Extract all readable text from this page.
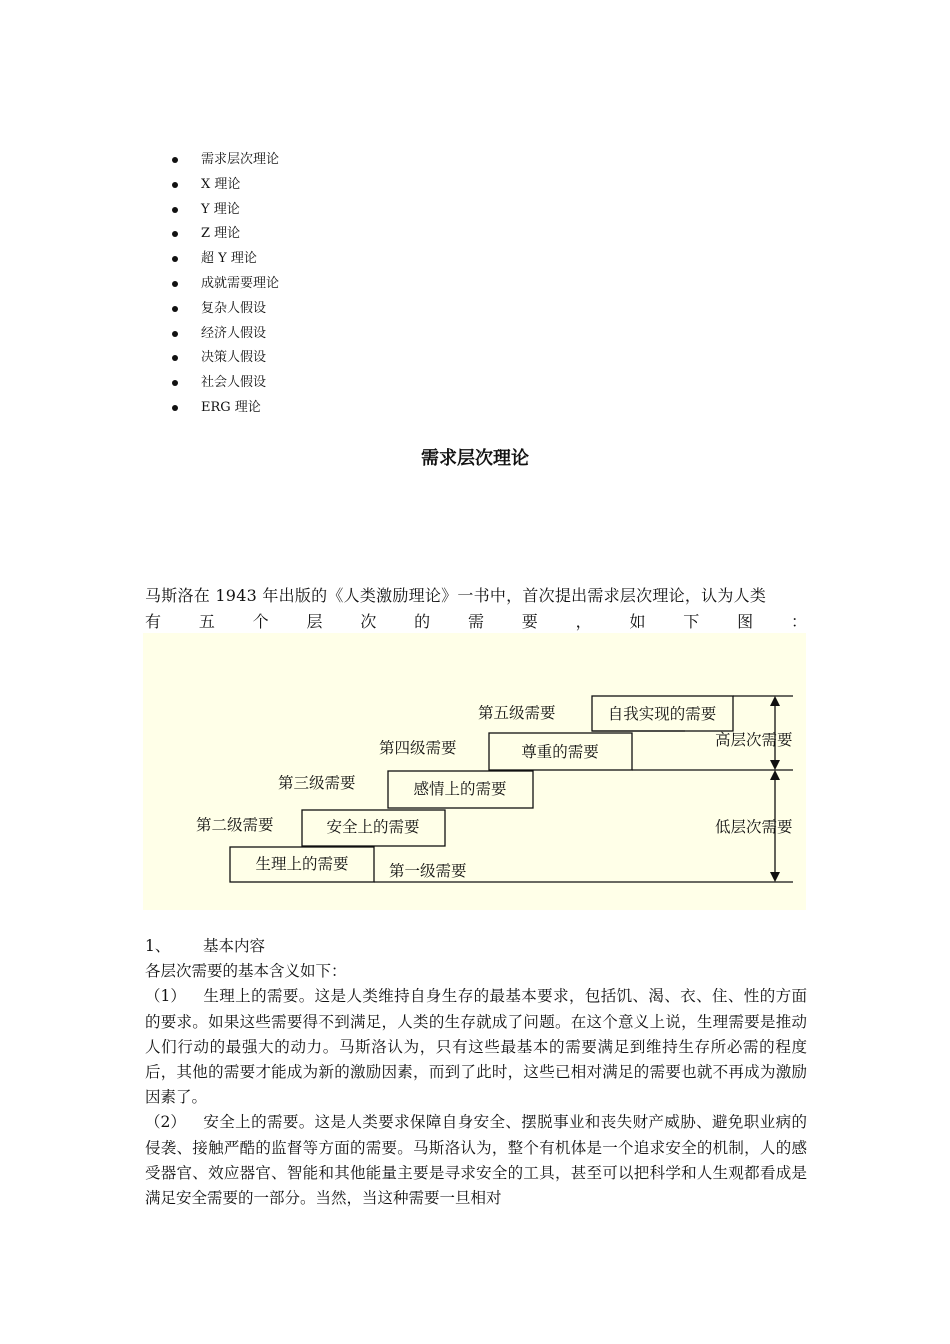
需求层次理论
X 理论
Y 理论
Z 理论
超 Y 理论
成就需要理论
复杂人假设
经济人假设
决策人假设
社会人假设
ERG 理论
需求层次理论
马斯洛在 1943 年出版的《人类激励理论》一书中，首次提出需求层次理论，认为人类
有 五 个 层 次 的 需 要 ， 如 下 图 ：
生理上的需要
安全上的需要
感情上的需要
尊重的需要
自我实现的需要
第一级需要
第二级需要
第三级需要
第四级需要
第五级需要
高层次需要
低层次需要

1、 基本内容

各层次需要的基本含义如下：

（1） 生理上的需要。这是人类维持自身生存的最基本要求，包括饥、渴、衣、住、性的方面的要求。如果这些需要得不到满足，人类的生存就成了问题。在这个意义上说，生理需要是推动人们行动的最强大的动力。马斯洛认为，只有这些最基本的需要满足到维持生存所必需的程度后，其他的需要才能成为新的激励因素，而到了此时，这些已相对满足的需要也就不再成为激励因素了。

（2） 安全上的需要。这是人类要求保障自身安全、摆脱事业和丧失财产威胁、避免职业病的侵袭、接触严酷的监督等方面的需要。马斯洛认为，整个有机体是一个追求安全的机制，人的感受器官、效应器官、智能和其他能量主要是寻求安全的工具，甚至可以把科学和人生观都看成是满足安全需要的一部分。当然，当这种需要一旦相对
